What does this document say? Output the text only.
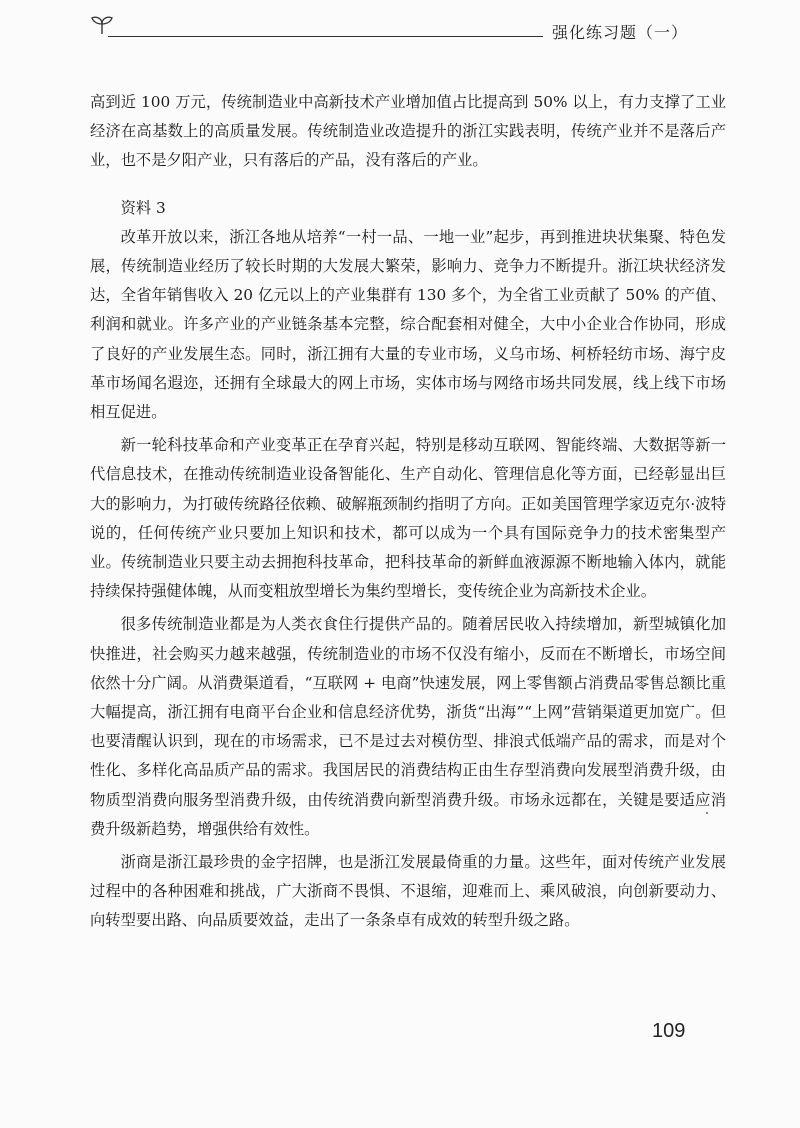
强化练习题（一）

高到近 100 万元，传统制造业中高新技术产业增加值占比提高到 50% 以上，有力支撑了工业经济在高基数上的高质量发展。传统制造业改造提升的浙江实践表明，传统产业并不是落后产业，也不是夕阳产业，只有落后的产品，没有落后的产业。

资料 3

改革开放以来，浙江各地从培养“一村一品、一地一业”起步，再到推进块状集聚、特色发展，传统制造业经历了较长时期的大发展大繁荣，影响力、竞争力不断提升。浙江块状经济发达，全省年销售收入 20 亿元以上的产业集群有 130 多个，为全省工业贡献了 50% 的产值、利润和就业。许多产业的产业链条基本完整，综合配套相对健全，大中小企业合作协同，形成了良好的产业发展生态。同时，浙江拥有大量的专业市场，义乌市场、柯桥轻纺市场、海宁皮革市场闻名遐迩，还拥有全球最大的网上市场，实体市场与网络市场共同发展，线上线下市场相互促进。

新一轮科技革命和产业变革正在孕育兴起，特别是移动互联网、智能终端、大数据等新一代信息技术，在推动传统制造业设备智能化、生产自动化、管理信息化等方面，已经彰显出巨大的影响力，为打破传统路径依赖、破解瓶颈制约指明了方向。正如美国管理学家迈克尔·波特说的，任何传统产业只要加上知识和技术，都可以成为一个具有国际竞争力的技术密集型产业。传统制造业只要主动去拥抱科技革命，把科技革命的新鲜血液源源不断地输入体内，就能持续保持强健体魄，从而变粗放型增长为集约型增长，变传统企业为高新技术企业。

很多传统制造业都是为人类衣食住行提供产品的。随着居民收入持续增加，新型城镇化加快推进，社会购买力越来越强，传统制造业的市场不仅没有缩小，反而在不断增长，市场空间依然十分广阔。从消费渠道看，“互联网 + 电商”快速发展，网上零售额占消费品零售总额比重大幅提高，浙江拥有电商平台企业和信息经济优势，浙货“出海”“上网”营销渠道更加宽广。但也要清醒认识到，现在的市场需求，已不是过去对模仿型、排浪式低端产品的需求，而是对个性化、多样化高品质产品的需求。我国居民的消费结构正由生存型消费向发展型消费升级，由物质型消费向服务型消费升级，由传统消费向新型消费升级。市场永远都在，关键是要适应消费升级新趋势，增强供给有效性。

浙商是浙江最珍贵的金字招牌，也是浙江发展最倚重的力量。这些年，面对传统产业发展过程中的各种困难和挑战，广大浙商不畏惧、不退缩，迎难而上、乘风破浪，向创新要动力、向转型要出路、向品质要效益，走出了一条条卓有成效的转型升级之路。

109
